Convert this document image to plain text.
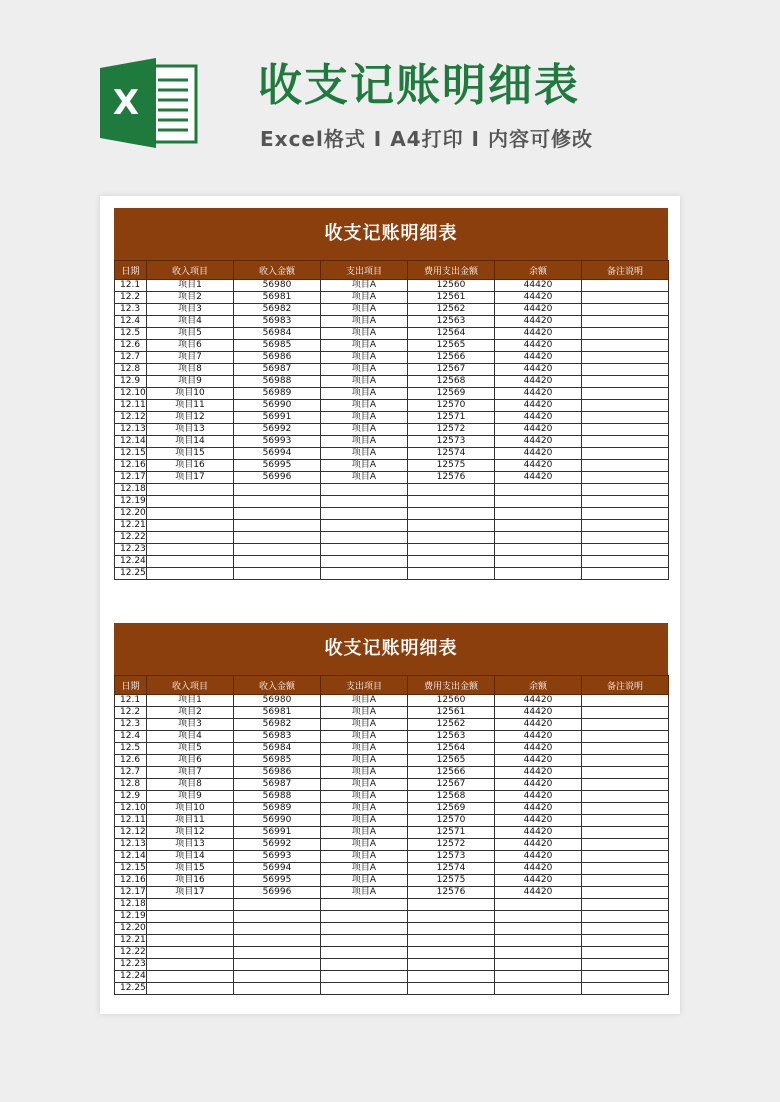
X	收支记账明细表
Excel格式 I A4打印 I 内容可修改
收支记账明细表
日期	收入项目	收入金额	支出项目	费用支出金额	余额	备注说明
12.1	项目1	56980	项目A	12560	44420	
12.2	项目2	56981	项目A	12561	44420	
12.3	项目3	56982	项目A	12562	44420	
12.4	项目4	56983	项目A	12563	44420	
12.5	项目5	56984	项目A	12564	44420	
12.6	项目6	56985	项目A	12565	44420	
12.7	项目7	56986	项目A	12566	44420	
12.8	项目8	56987	项目A	12567	44420	
12.9	项目9	56988	项目A	12568	44420	
12.10	项目10	56989	项目A	12569	44420	
12.11	项目11	56990	项目A	12570	44420	
12.12	项目12	56991	项目A	12571	44420	
12.13	项目13	56992	项目A	12572	44420	
12.14	项目14	56993	项目A	12573	44420	
12.15	项目15	56994	项目A	12574	44420	
12.16	项目16	56995	项目A	12575	44420	
12.17	项目17	56996	项目A	12576	44420	
12.18						
12.19						
12.20						
12.21						
12.22						
12.23						
12.24						
12.25						
收支记账明细表
日期	收入项目	收入金额	支出项目	费用支出金额	余额	备注说明
12.1	项目1	56980	项目A	12560	44420	
12.2	项目2	56981	项目A	12561	44420	
12.3	项目3	56982	项目A	12562	44420	
12.4	项目4	56983	项目A	12563	44420	
12.5	项目5	56984	项目A	12564	44420	
12.6	项目6	56985	项目A	12565	44420	
12.7	项目7	56986	项目A	12566	44420	
12.8	项目8	56987	项目A	12567	44420	
12.9	项目9	56988	项目A	12568	44420	
12.10	项目10	56989	项目A	12569	44420	
12.11	项目11	56990	项目A	12570	44420	
12.12	项目12	56991	项目A	12571	44420	
12.13	项目13	56992	项目A	12572	44420	
12.14	项目14	56993	项目A	12573	44420	
12.15	项目15	56994	项目A	12574	44420	
12.16	项目16	56995	项目A	12575	44420	
12.17	项目17	56996	项目A	12576	44420	
12.18						
12.19						
12.20						
12.21						
12.22						
12.23						
12.24						
12.25						
